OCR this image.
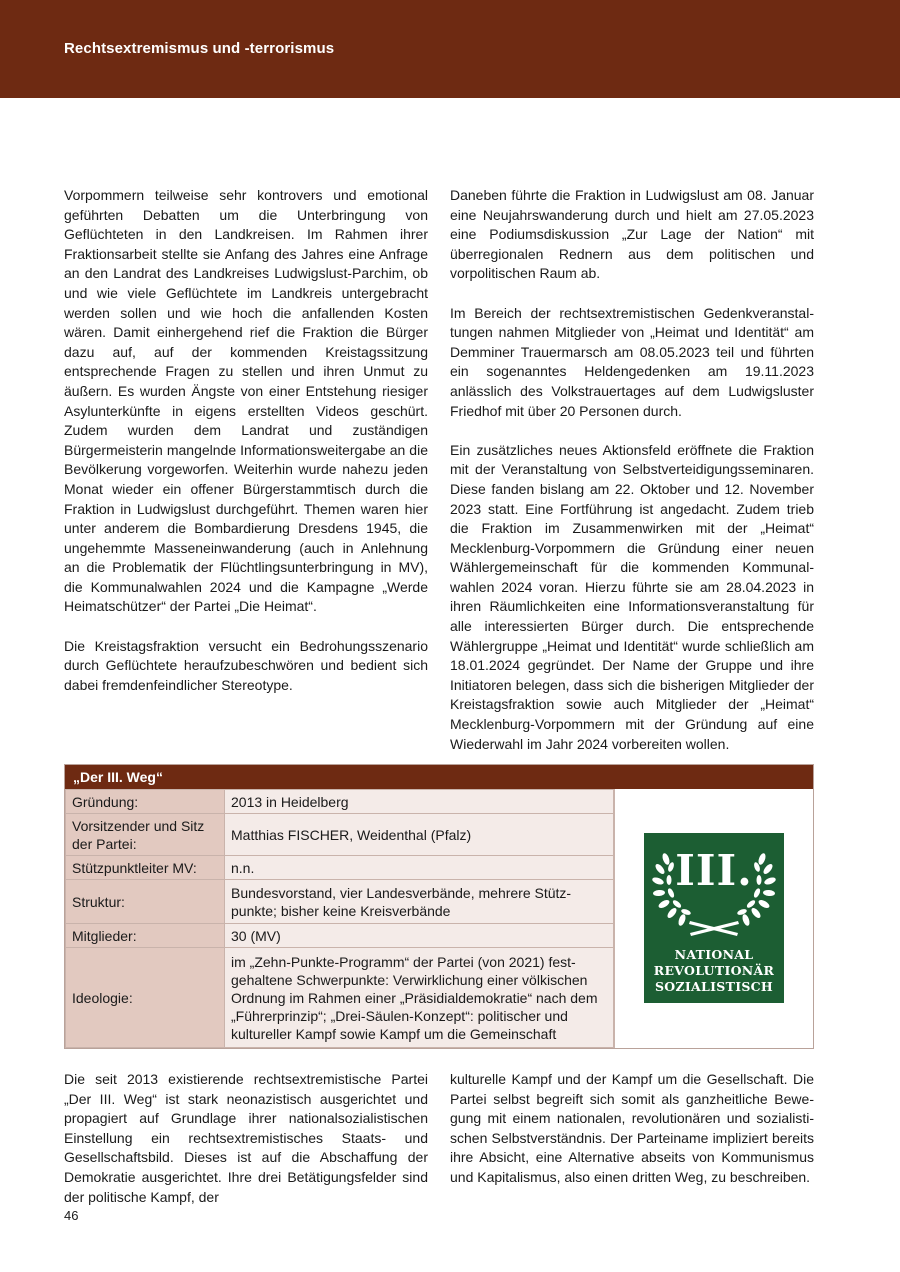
Rechtsextremismus und -terrorismus

Vorpommern teilweise sehr kontrovers und emotional geführten Debatten um die Unterbringung von Geflüchteten in den Landkreisen. Im Rahmen ihrer Fraktionsarbeit stellte sie Anfang des Jahres eine Anfrage an den Landrat des Landkreises Ludwigslust-Parchim, ob und wie viele Geflüchtete im Landkreis untergebracht werden sollen und wie hoch die anfallenden Kosten wären. Damit einhergehend rief die Fraktion die Bürger dazu auf, auf der kommenden Kreistagssitzung entsprechende Fragen zu stellen und ihren Unmut zu äußern. Es wurden Ängste von einer Entstehung riesiger Asylunterkünfte in eigens erstellten Videos geschürt. Zudem wurden dem Landrat und zuständigen Bürgermeisterin mangelnde Informationsweitergabe an die Bevölkerung vorgeworfen. Weiterhin wurde nahezu jeden Monat wieder ein offener Bürgerstammtisch durch die Fraktion in Ludwigslust durchgeführt. Themen waren hier unter anderem die Bombardierung Dresdens 1945, die ungehemmte Masseneinwanderung (auch in Anlehnung an die Problematik der Flüchtlingsunterbringung in MV), die Kommunalwahlen 2024 und die Kampagne „Werde Heimatschützer“ der Partei „Die Heimat“.

Die Kreistagsfraktion versucht ein Bedrohungsszenario durch Geflüchtete heraufzubeschwören und bedient sich dabei fremdenfeindlicher Stereotype.

Daneben führte die Fraktion in Ludwigslust am 08. Januar eine Neujahrswanderung durch und hielt am 27.05.2023 eine Podiumsdiskussion „Zur Lage der Nation“ mit überregionalen Rednern aus dem politischen und vorpolitischen Raum ab.

Im Bereich der rechtsextremistischen Gedenkveranstaltungen nahmen Mitglieder von „Heimat und Identität“ am Demminer Trauermarsch am 08.05.2023 teil und führten ein sogenanntes Heldengedenken am 19.11.2023 anlässlich des Volkstrauertages auf dem Ludwigsluster Friedhof mit über 20 Personen durch.

Ein zusätzliches neues Aktionsfeld eröffnete die Fraktion mit der Veranstaltung von Selbstverteidigungsseminaren. Diese fanden bislang am 22. Oktober und 12. November 2023 statt. Eine Fortführung ist angedacht. Zudem trieb die Fraktion im Zusammenwirken mit der „Heimat“ Mecklenburg-Vorpommern die Gründung einer neuen Wählergemeinschaft für die kommenden Kommunalwahlen 2024 voran. Hierzu führte sie am 28.04.2023 in ihren Räumlichkeiten eine Informationsveranstaltung für alle interessierten Bürger durch. Die entsprechende Wählergruppe „Heimat und Identität“ wurde schließlich am 18.01.2024 gegründet. Der Name der Gruppe und ihre Initiatoren belegen, dass sich die bisherigen Mitglieder der Kreistagsfraktion sowie auch Mitglieder der „Heimat“ Mecklenburg-Vorpommern mit der Gründung auf eine Wiederwahl im Jahr 2024 vorbereiten wollen.

„Der III. Weg“
Gründung:	2013 in Heidelberg
Vorsitzender und Sitz der Partei:	Matthias FISCHER, Weidenthal (Pfalz)
Stützpunktleiter MV:	n.n.
Struktur:	Bundesvorstand, vier Landesverbände, mehrere Stützpunkte; bisher keine Kreisverbände
Mitglieder:	30 (MV)
Ideologie:	im „Zehn-Punkte-Programm“ der Partei (von 2021) festgehaltene Schwerpunkte: Verwirklichung einer völkischen Ordnung im Rahmen einer „Präsidialdemokratie“ nach dem „Führerprinzip“; „Drei-Säulen-Konzept“: politischer und kultureller Kampf sowie Kampf um die Gemeinschaft
III.
NATIONAL
REVOLUTIONÄR
SOZIALISTISCH

Die seit 2013 existierende rechtsextremistische Partei „Der III. Weg“ ist stark neonazistisch ausgerichtet und propagiert auf Grundlage ihrer nationalsozialistischen Einstellung ein rechtsextremistisches Staats- und Gesellschaftsbild. Dieses ist auf die Abschaffung der Demokratie ausgerichtet. Ihre drei Betätigungsfelder sind der politische Kampf, der

kulturelle Kampf und der Kampf um die Gesellschaft. Die Partei selbst begreift sich somit als ganzheitliche Bewegung mit einem nationalen, revolutionären und sozialistischen Selbstverständnis. Der Parteiname impliziert bereits ihre Absicht, eine Alternative abseits von Kommunismus und Kapitalismus, also einen dritten Weg, zu beschreiben.

46
